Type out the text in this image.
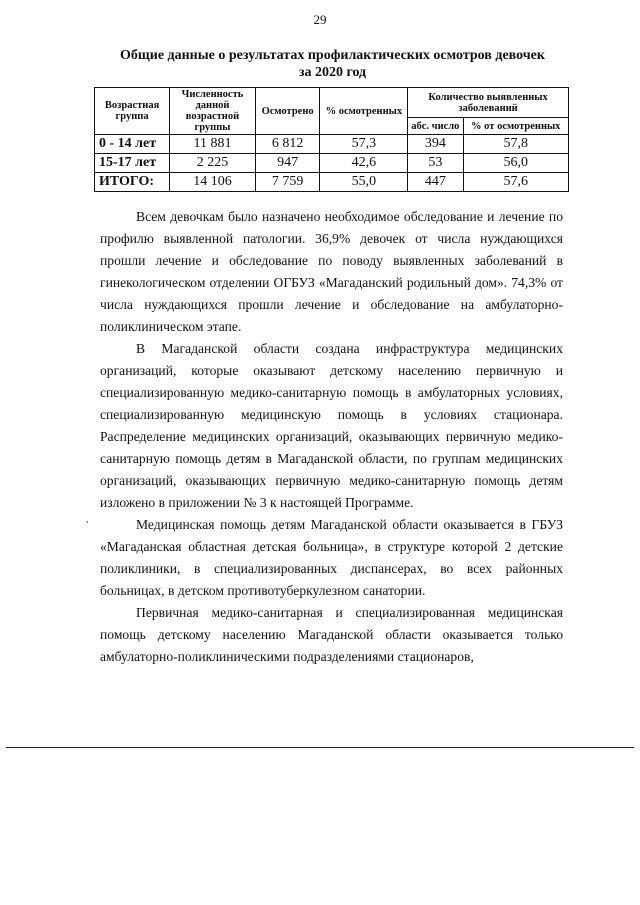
29
Общие данные о результатах профилактических осмотров девочек
за 2020 год
Возрастная группа	Численность данной возрастной группы	Осмотрено	% осмотренных	Количество выявленных заболеваний	
				абс. число	% от осмотренных
0 - 14 лет	11 881	6 812	57,3	394	57,8
15-17 лет	2 225	947	42,6	53	56,0
ИТОГО:	14 106	7 759	55,0	447	57,6

Всем девочкам было назначено необходимое обследование и лечение по профилю выявленной патологии. 36,9% девочек от числа нуждающихся прошли лечение и обследование по поводу выявленных заболеваний в гинекологическом отделении ОГБУЗ «Магаданский родильный дом». 74,3% от числа нуждающихся прошли лечение и обследование на амбулаторно-поликлиническом этапе.

В Магаданской области создана инфраструктура медицинских организаций, которые оказывают детскому населению первичную и специализированную медико-санитарную помощь в амбулаторных условиях, специализированную медицинскую помощь в условиях стационара. Распределение медицинских организаций, оказывающих первичную медико-санитарную помощь детям в Магаданской области, по группам медицинских организаций, оказывающих первичную медико-санитарную помощь детям изложено в приложении № 3 к настоящей Программе.

Медицинская помощь детям Магаданской области оказывается в ГБУЗ «Магаданская областная детская больница», в структуре которой 2 детские поликлиники, в специализированных диспансерах, во всех районных больницах, в детском противотуберкулезном санатории.

Первичная медико-санитарная и специализированная медицинская помощь детскому населению Магаданской области оказывается только амбулаторно-поликлиническими подразделениями стационаров,

,
